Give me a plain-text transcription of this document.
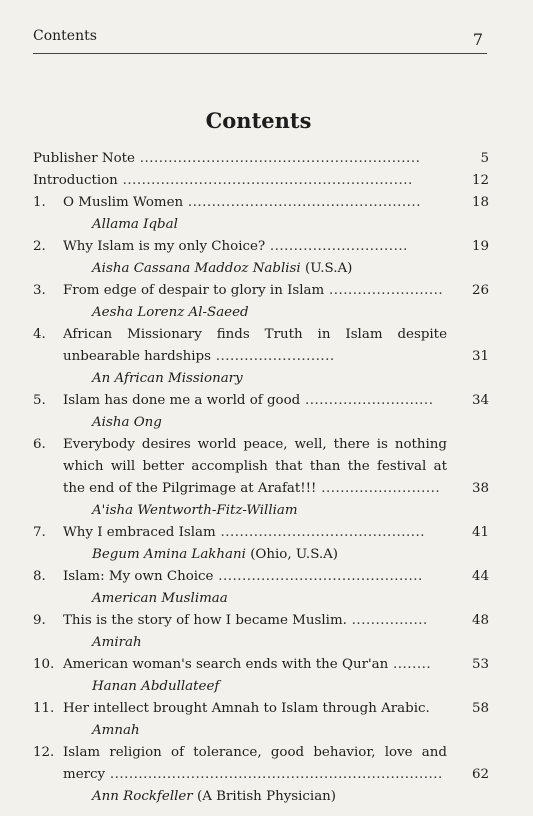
Contents	7
Contents
Publisher Note ...........................................................	5
Introduction .............................................................	12
1.	O Muslim Women .................................................	18
Allama Iqbal
2.	Why Islam is my only Choice? .............................	19
Aisha Cassana Maddoz Nablisi (U.S.A)
3.	From edge of despair to glory in Islam ........................	26
Aesha Lorenz Al-Saeed
4.	African Missionary finds Truth in Islam despite unbearable hardships .........................	31
An African Missionary
5.	Islam has done me a world of good ...........................	34
Aisha Ong
6.	Everybody desires world peace, well, there is nothing which will better accomplish that than the festival at the end of the Pilgrimage at Arafat!!! .........................	38
A'isha Wentworth-Fitz-William
7.	Why I embraced Islam ...........................................	41
Begum Amina Lakhani (Ohio, U.S.A)
8.	Islam: My own Choice ...........................................	44
American Muslimaa
9.	This is the story of how I became Muslim. ................	48
Amirah
10. American woman's search ends with the Qur'an ........	53
Hanan Abdullateef
11. Her intellect brought Amnah to Islam through Arabic.	58
Amnah
12. Islam religion of tolerance, good behavior, love and mercy ......................................................................	62
Ann Rockfeller (A British Physician)
